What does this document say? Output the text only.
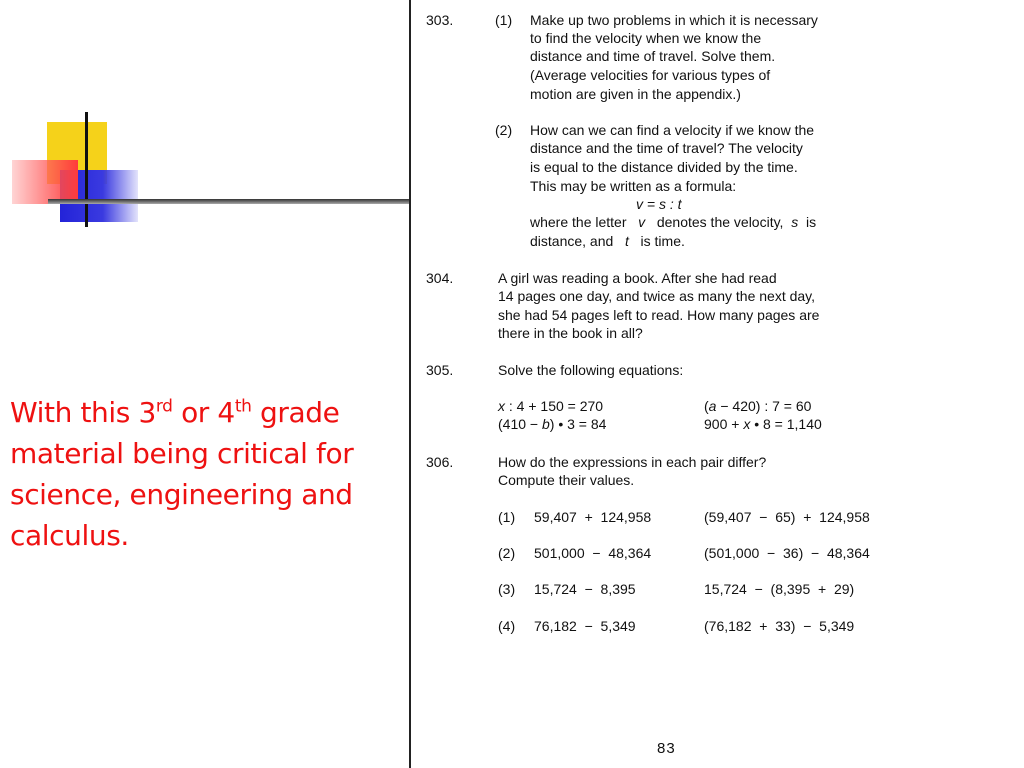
With this 3rd or 4th grade material being critical for science, engineering and calculus.
303.	(1) Make up two problems in which it is necessary
to find the velocity when we know the
distance and time of travel. Solve them.
(Average velocities for various types of
motion are given in the appendix.)
(2) How can we can find a velocity if we know the
distance and the time of travel? The velocity
is equal to the distance divided by the time.
This may be written as a formula:
v = s : t
where the letter v denotes the velocity, s is
distance, and t is time.
304.	A girl was reading a book. After she had read
14 pages one day, and twice as many the next day,
she had 54 pages left to read. How many pages are
there in the book in all?
305.	Solve the following equations:
x : 4 + 150 = 270	(a − 420) : 7 = 60
(410 − b) • 3 = 84	900 + x • 8 = 1,140
306.	How do the expressions in each pair differ?
Compute their values.
(1) 59,407  +  124,958	(59,407  −  65)  +  124,958
(2) 501,000  −  48,364	(501,000  −  36)  −  48,364
(3) 15,724  −  8,395	15,724  −  (8,395  +  29)
(4) 76,182  −  5,349	(76,182  +  33)  −  5,349
83
